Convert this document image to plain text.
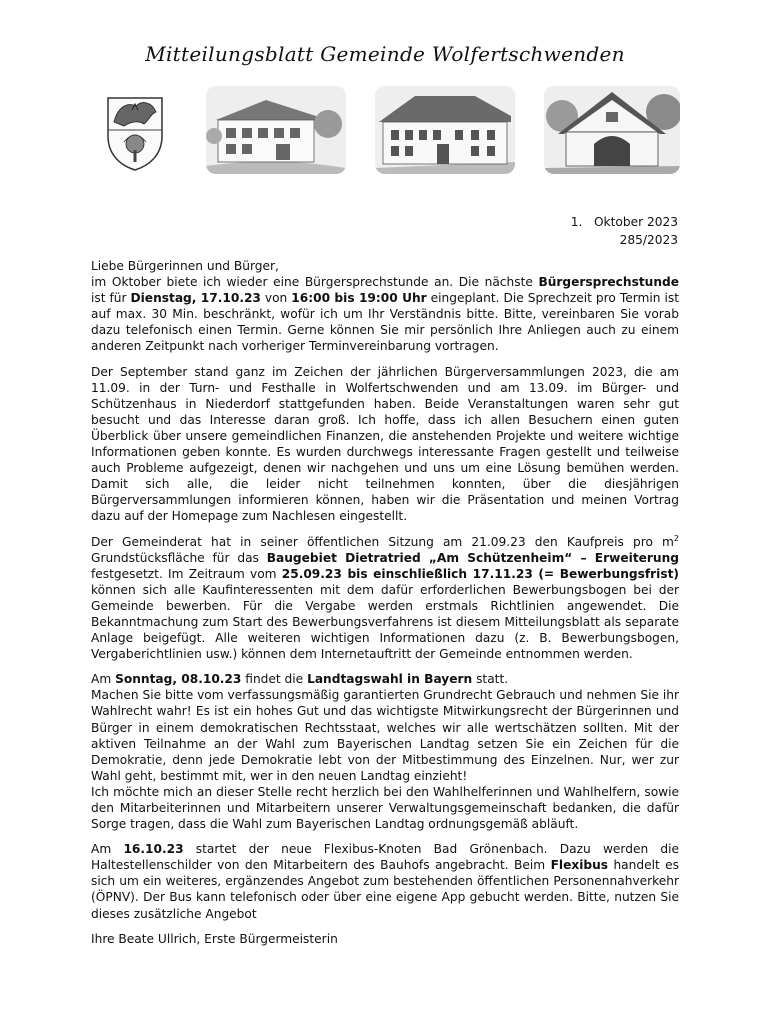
Mitteilungsblatt Gemeinde Wolfertschwenden
1.   Oktober 2023
285/2023

Liebe Bürgerinnen und Bürger,
im Oktober biete ich wieder eine Bürgersprechstunde an. Die nächste Bürgersprechstunde ist für Dienstag, 17.10.23 von 16:00 bis 19:00 Uhr eingeplant. Die Sprechzeit pro Termin ist auf max. 30 Min. beschränkt, wofür ich um Ihr Verständnis bitte. Bitte, vereinbaren Sie vorab dazu telefonisch einen Termin. Gerne können Sie mir persönlich Ihre Anliegen auch zu einem anderen Zeitpunkt nach vorheriger Terminvereinbarung vortragen.

Der September stand ganz im Zeichen der jährlichen Bürgerversammlungen 2023, die am 11.09. in der Turn- und Festhalle in Wolfertschwenden und am 13.09. im Bürger- und Schützenhaus in Niederdorf stattgefunden haben. Beide Veranstaltungen waren sehr gut besucht und das Interesse daran groß. Ich hoffe, dass ich allen Besuchern einen guten Überblick über unsere gemeindlichen Finanzen, die anstehenden Projekte und weitere wichtige Informationen geben konnte. Es wurden durchwegs interessante Fragen gestellt und teilweise auch Probleme aufgezeigt, denen wir nachgehen und uns um eine Lösung bemühen werden. Damit sich alle, die leider nicht teilnehmen konnten, über die diesjährigen Bürgerversammlungen informieren können, haben wir die Präsentation und meinen Vortrag dazu auf der Homepage zum Nachlesen eingestellt.

Der Gemeinderat hat in seiner öffentlichen Sitzung am 21.09.23 den Kaufpreis pro $m^2$ Grundstücksfläche für das Baugebiet Dietratried „Am Schützenheim“ – Erweiterung festgesetzt. Im Zeitraum vom 25.09.23 bis einschließlich 17.11.23 (= Bewerbungsfrist) können sich alle Kaufinteressenten mit dem dafür erforderlichen Bewerbungsbogen bei der Gemeinde bewerben. Für die Vergabe werden erstmals Richtlinien angewendet. Die Bekanntmachung zum Start des Bewerbungsverfahrens ist diesem Mitteilungsblatt als separate Anlage beigefügt. Alle weiteren wichtigen Informationen dazu (z. B. Bewerbungsbogen, Vergaberichtlinien usw.) können dem Internetauftritt der Gemeinde entnommen werden.

Am Sonntag, 08.10.23 findet die Landtagswahl in Bayern statt.

Machen Sie bitte vom verfassungsmäßig garantierten Grundrecht Gebrauch und nehmen Sie ihr Wahlrecht wahr! Es ist ein hohes Gut und das wichtigste Mitwirkungsrecht der Bürgerinnen und Bürger in einem demokratischen Rechtsstaat, welches wir alle wertschätzen sollten. Mit der aktiven Teilnahme an der Wahl zum Bayerischen Landtag setzen Sie ein Zeichen für die Demokratie, denn jede Demokratie lebt von der Mitbestimmung des Einzelnen. Nur, wer zur Wahl geht, bestimmt mit, wer in den neuen Landtag einzieht!

Ich möchte mich an dieser Stelle recht herzlich bei den Wahlhelferinnen und Wahlhelfern, sowie den Mitarbeiterinnen und Mitarbeitern unserer Verwaltungsgemeinschaft bedanken, die dafür Sorge tragen, dass die Wahl zum Bayerischen Landtag ordnungsgemäß abläuft.

Am 16.10.23 startet der neue Flexibus-Knoten Bad Grönenbach. Dazu werden die Haltestellenschilder von den Mitarbeitern des Bauhofs angebracht. Beim Flexibus handelt es sich um ein weiteres, ergänzendes Angebot zum bestehenden öffentlichen Personennahverkehr (ÖPNV). Der Bus kann telefonisch oder über eine eigene App gebucht werden. Bitte, nutzen Sie dieses zusätzliche Angebot

Ihre Beate Ullrich, Erste Bürgermeisterin
